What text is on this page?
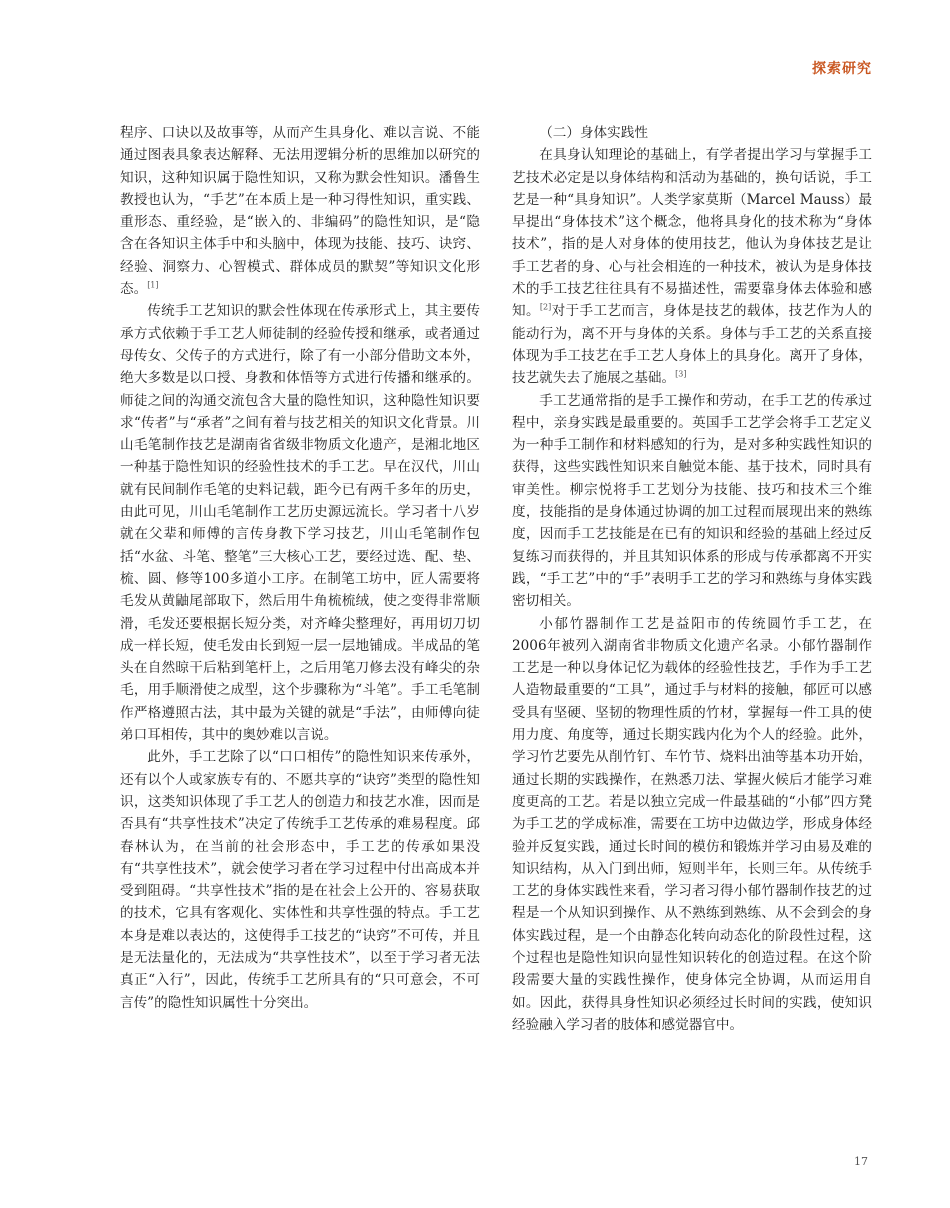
探索研究

程序、口诀以及故事等，从而产生具身化、难以言说、不能通过图表具象表达解释、无法用逻辑分析的思维加以研究的知识，这种知识属于隐性知识，又称为默会性知识。潘鲁生教授也认为，“手艺”在本质上是一种习得性知识，重实践、重形态、重经验，是“嵌入的、非编码”的隐性知识，是“隐含在各知识主体手中和头脑中，体现为技能、技巧、诀窍、经验、洞察力、心智模式、群体成员的默契”等知识文化形态。[1]

传统手工艺知识的默会性体现在传承形式上，其主要传承方式依赖于手工艺人师徒制的经验传授和继承，或者通过母传女、父传子的方式进行，除了有一小部分借助文本外，绝大多数是以口授、身教和体悟等方式进行传播和继承的。师徒之间的沟通交流包含大量的隐性知识，这种隐性知识要求“传者”与“承者”之间有着与技艺相关的知识文化背景。川山毛笔制作技艺是湖南省省级非物质文化遗产，是湘北地区一种基于隐性知识的经验性技术的手工艺。早在汉代，川山就有民间制作毛笔的史料记载，距今已有两千多年的历史，由此可见，川山毛笔制作工艺历史源远流长。学习者十八岁就在父辈和师傅的言传身教下学习技艺，川山毛笔制作包括“水盆、斗笔、整笔”三大核心工艺，要经过选、配、垫、梳、圆、修等100多道小工序。在制笔工坊中，匠人需要将毛发从黄鼬尾部取下，然后用牛角梳梳绒，使之变得非常顺滑，毛发还要根据长短分类，对齐峰尖整理好，再用切刀切成一样长短，使毛发由长到短一层一层地铺成。半成品的笔头在自然晾干后粘到笔杆上，之后用笔刀修去没有峰尖的杂毛，用手顺滑使之成型，这个步骤称为“斗笔”。手工毛笔制作严格遵照古法，其中最为关键的就是“手法”，由师傅向徒弟口耳相传，其中的奥妙难以言说。

此外，手工艺除了以“口口相传”的隐性知识来传承外，还有以个人或家族专有的、不愿共享的“诀窍”类型的隐性知识，这类知识体现了手工艺人的创造力和技艺水准，因而是否具有“共享性技术”决定了传统手工艺传承的难易程度。邱春林认为，在当前的社会形态中，手工艺的传承如果没有“共享性技术”，就会使学习者在学习过程中付出高成本并受到阻碍。“共享性技术”指的是在社会上公开的、容易获取的技术，它具有客观化、实体性和共享性强的特点。手工艺本身是难以表达的，这使得手工技艺的“诀窍”不可传，并且是无法量化的，无法成为“共享性技术”，以至于学习者无法真正“入行”，因此，传统手工艺所具有的“只可意会，不可言传”的隐性知识属性十分突出。

（二）身体实践性

在具身认知理论的基础上，有学者提出学习与掌握手工艺技术必定是以身体结构和活动为基础的，换句话说，手工艺是一种“具身知识”。人类学家莫斯（Marcel Mauss）最早提出“身体技术”这个概念，他将具身化的技术称为“身体技术”，指的是人对身体的使用技艺，他认为身体技艺是让手工艺者的身、心与社会相连的一种技术，被认为是身体技术的手工技艺往往具有不易描述性，需要靠身体去体验和感知。[2]对于手工艺而言，身体是技艺的载体，技艺作为人的能动行为，离不开与身体的关系。身体与手工艺的关系直接体现为手工技艺在手工艺人身体上的具身化。离开了身体，技艺就失去了施展之基础。[3]

手工艺通常指的是手工操作和劳动，在手工艺的传承过程中，亲身实践是最重要的。英国手工艺学会将手工艺定义为一种手工制作和材料感知的行为，是对多种实践性知识的获得，这些实践性知识来自触觉本能、基于技术，同时具有审美性。柳宗悦将手工艺划分为技能、技巧和技术三个维度，技能指的是身体通过协调的加工过程而展现出来的熟练度，因而手工艺技能是在已有的知识和经验的基础上经过反复练习而获得的，并且其知识体系的形成与传承都离不开实践，“手工艺”中的“手”表明手工艺的学习和熟练与身体实践密切相关。

小郁竹器制作工艺是益阳市的传统圆竹手工艺，在2006年被列入湖南省非物质文化遗产名录。小郁竹器制作工艺是一种以身体记忆为载体的经验性技艺，手作为手工艺人造物最重要的“工具”，通过手与材料的接触，郁匠可以感受具有坚硬、坚韧的物理性质的竹材，掌握每一件工具的使用力度、角度等，通过长期实践内化为个人的经验。此外，学习竹艺要先从削竹钉、车竹节、烧料出油等基本功开始，通过长期的实践操作，在熟悉刀法、掌握火候后才能学习难度更高的工艺。若是以独立完成一件最基础的“小郁”四方凳为手工艺的学成标准，需要在工坊中边做边学，形成身体经验并反复实践，通过长时间的模仿和锻炼并学习由易及难的知识结构，从入门到出师，短则半年，长则三年。从传统手工艺的身体实践性来看，学习者习得小郁竹器制作技艺的过程是一个从知识到操作、从不熟练到熟练、从不会到会的身体实践过程，是一个由静态化转向动态化的阶段性过程，这个过程也是隐性知识向显性知识转化的创造过程。在这个阶段需要大量的实践性操作，使身体完全协调，从而运用自如。因此，获得具身性知识必须经过长时间的实践，使知识经验融入学习者的肢体和感觉器官中。

17
